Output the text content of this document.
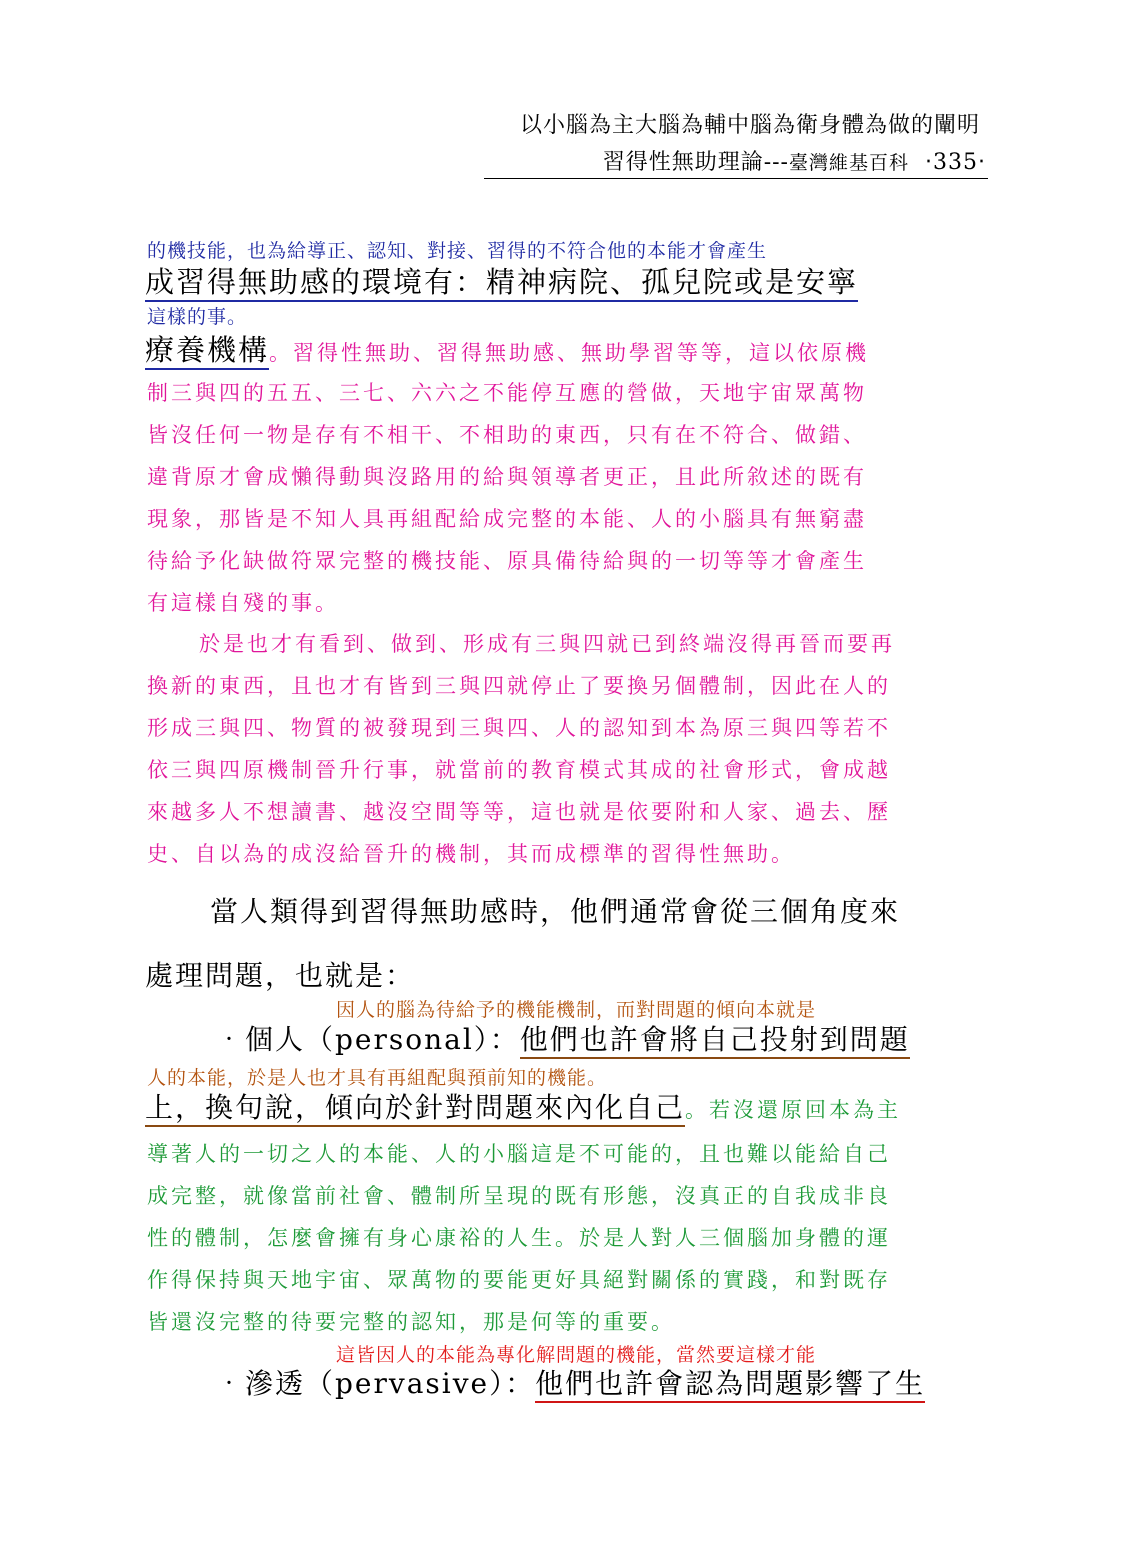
以小腦為主大腦為輔中腦為衛身體為做的闡明
習得性無助理論---臺灣維基百科 ‧335‧
的機技能，也為給導正、認知、對接、習得的不符合他的本能才會產生
成習得無助感的環境有：精神病院、孤兒院或是安寧
這樣的事。
療養機構。習得性無助、習得無助感、無助學習等等，這以依原機
制三與四的五五、三七、六六之不能停互應的營做，天地宇宙眾萬物
皆沒任何一物是存有不相干、不相助的東西，只有在不符合、做錯、
違背原才會成懶得動與沒路用的給與領導者更正，且此所敘述的既有
現象，那皆是不知人具再組配給成完整的本能、人的小腦具有無窮盡
待給予化缺做符眾完整的機技能、原具備待給與的一切等等才會產生
有這樣自殘的事。
於是也才有看到、做到、形成有三與四就已到終端沒得再晉而要再
換新的東西，且也才有皆到三與四就停止了要換另個體制，因此在人的
形成三與四、物質的被發現到三與四、人的認知到本為原三與四等若不
依三與四原機制晉升行事，就當前的教育模式其成的社會形式，會成越
來越多人不想讀書、越沒空間等等，這也就是依要附和人家、過去、歷
史、自以為的成沒給晉升的機制，其而成標準的習得性無助。
當人類得到習得無助感時，他們通常會從三個角度來
處理問題，也就是：
因人的腦為待給予的機能機制，而對問題的傾向本就是
‧個人（personal）：他們也許會將自己投射到問題
人的本能，於是人也才具有再組配與預前知的機能。
上，換句說，傾向於針對問題來內化自己。若沒還原回本為主
導著人的一切之人的本能、人的小腦這是不可能的，且也難以能給自己
成完整，就像當前社會、體制所呈現的既有形態，沒真正的自我成非良
性的體制，怎麼會擁有身心康裕的人生。於是人對人三個腦加身體的運
作得保持與天地宇宙、眾萬物的要能更好具絕對關係的實踐，和對既存
皆還沒完整的待要完整的認知，那是何等的重要。
這皆因人的本能為專化解問題的機能，當然要這樣才能
‧滲透（pervasive）：他們也許會認為問題影響了生
